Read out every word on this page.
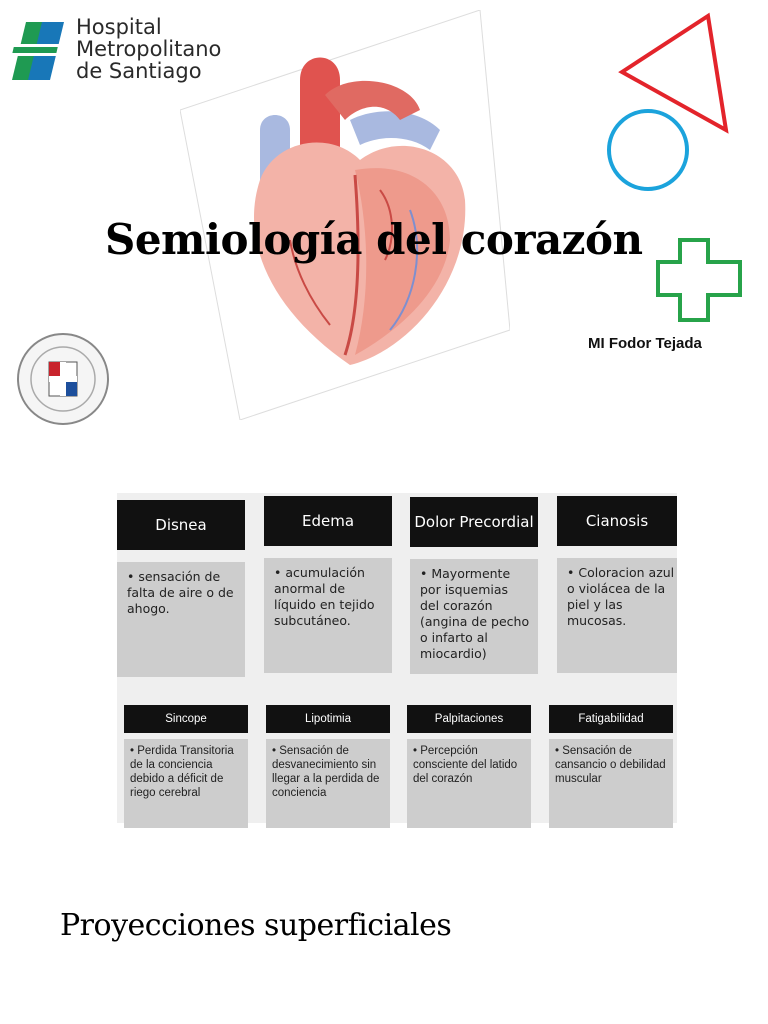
Hospital
Metropolitano
de Santiago
Semiología del corazón
MI Fodor Tejada
Disnea
• sensación de falta de aire o de ahogo.
Edema
• acumulación anormal de líquido en tejido subcutáneo.
Dolor Precordial
• Mayormente por isquemias del corazón (angina de pecho o infarto al miocardio)
Cianosis
• Coloracion azul o violácea de la piel y las mucosas.
Sincope
• Perdida Transitoria de la conciencia debido a déficit de riego cerebral
Lipotimia
• Sensación de desvanecimiento sin llegar a la perdida de conciencia
Palpitaciones
• Percepción consciente del latido del corazón
Fatigabilidad
• Sensación de cansancio o debilidad muscular
Proyecciones superficiales
